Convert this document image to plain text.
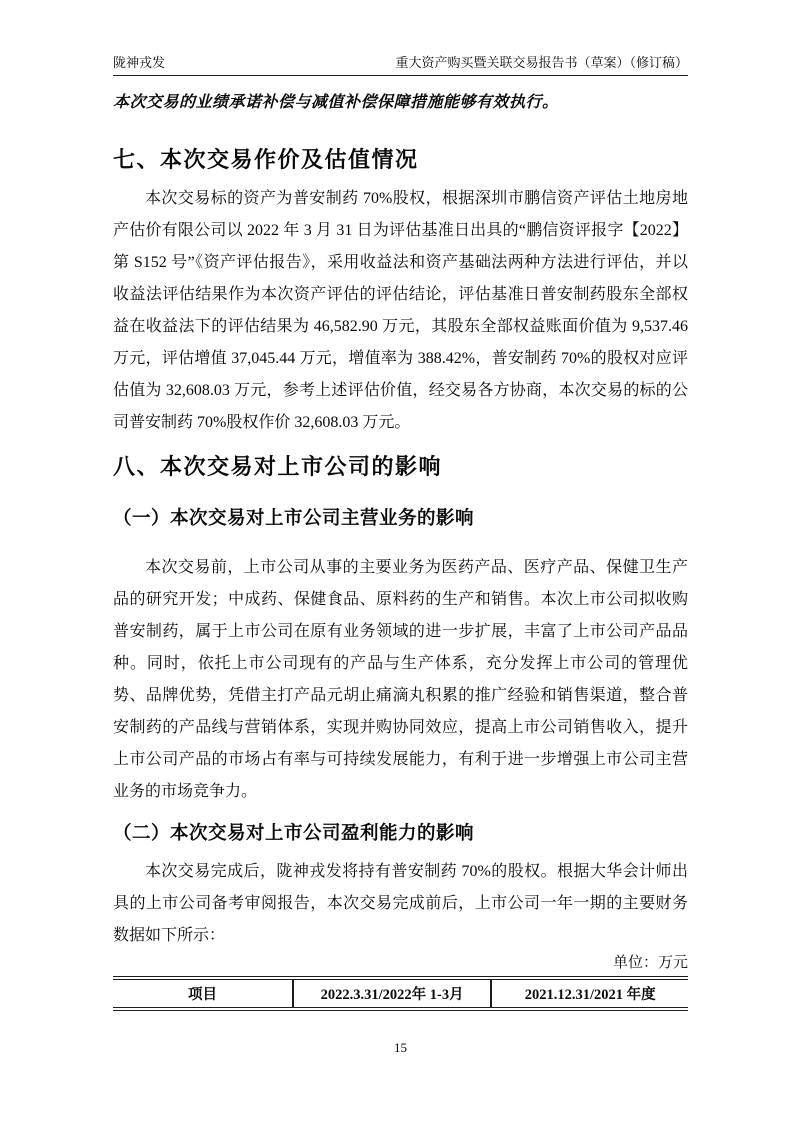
陇神戎发	重大资产购买暨关联交易报告书（草案）（修订稿）

本次交易的业绩承诺补偿与减值补偿保障措施能够有效执行。

七、本次交易作价及估值情况

本次交易标的资产为普安制药 70%股权，根据深圳市鹏信资产评估土地房地产估价有限公司以 2022 年 3 月 31 日为评估基准日出具的“鹏信资评报字【2022】第 S152 号”《资产评估报告》，采用收益法和资产基础法两种方法进行评估，并以收益法评估结果作为本次资产评估的评估结论，评估基准日普安制药股东全部权益在收益法下的评估结果为 46,582.90 万元，其股东全部权益账面价值为 9,537.46 万元，评估增值 37,045.44 万元，增值率为 388.42%，普安制药 70%的股权对应评估值为 32,608.03 万元，参考上述评估价值，经交易各方协商，本次交易的标的公司普安制药 70%股权作价 32,608.03 万元。

八、本次交易对上市公司的影响
（一）本次交易对上市公司主营业务的影响

本次交易前，上市公司从事的主要业务为医药产品、医疗产品、保健卫生产品的研究开发；中成药、保健食品、原料药的生产和销售。本次上市公司拟收购普安制药，属于上市公司在原有业务领域的进一步扩展，丰富了上市公司产品品种。同时，依托上市公司现有的产品与生产体系，充分发挥上市公司的管理优势、品牌优势，凭借主打产品元胡止痛滴丸积累的推广经验和销售渠道，整合普安制药的产品线与营销体系，实现并购协同效应，提高上市公司销售收入，提升上市公司产品的市场占有率与可持续发展能力，有利于进一步增强上市公司主营业务的市场竞争力。

（二）本次交易对上市公司盈利能力的影响

本次交易完成后，陇神戎发将持有普安制药 70%的股权。根据大华会计师出具的上市公司备考审阅报告，本次交易完成前后，上市公司一年一期的主要财务数据如下所示：

单位：万元
项目	2022.3.31/2022年 1-3月	2021.12.31/2021 年度
15
